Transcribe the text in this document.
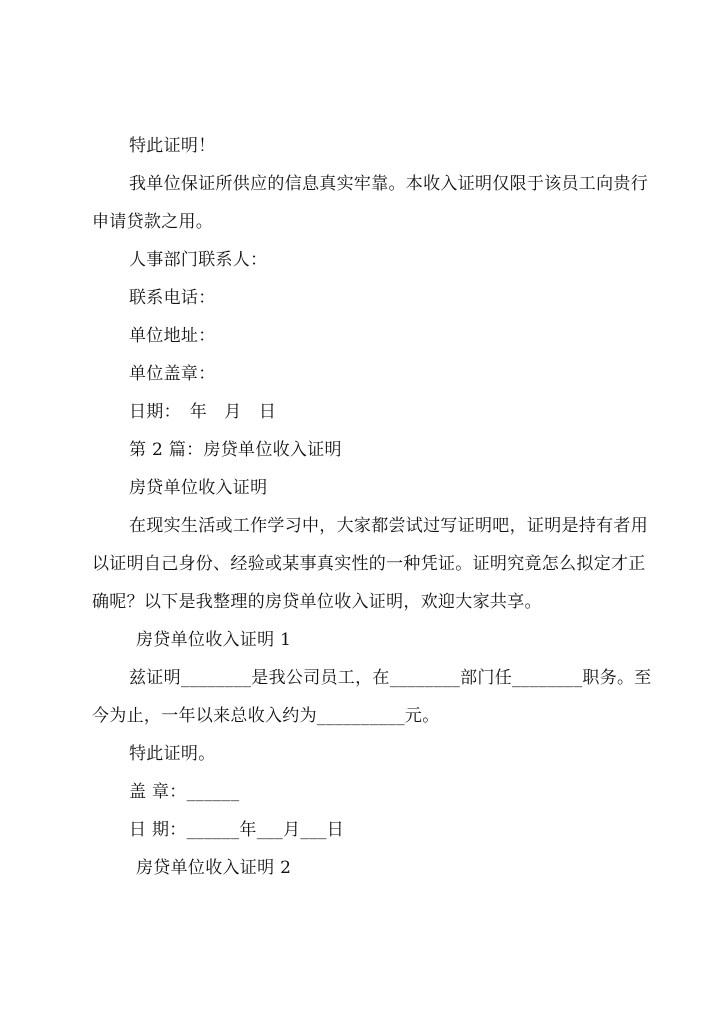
特此证明！
我单位保证所供应的信息真实牢靠。本收入证明仅限于该员工向贵行
申请贷款之用。
人事部门联系人：
联系电话：
单位地址：
单位盖章：
日期：　年　月　日
第 2 篇：房贷单位收入证明
房贷单位收入证明
在现实生活或工作学习中，大家都尝试过写证明吧，证明是持有者用
以证明自己身份、经验或某事真实性的一种凭证。证明究竟怎么拟定才正
确呢？以下是我整理的房贷单位收入证明，欢迎大家共享。
房贷单位收入证明 1
兹证明________是我公司员工，在________部门任________职务。至
今为止，一年以来总收入约为__________元。
特此证明。
盖 章：______
日 期：______年___月___日
房贷单位收入证明 2
